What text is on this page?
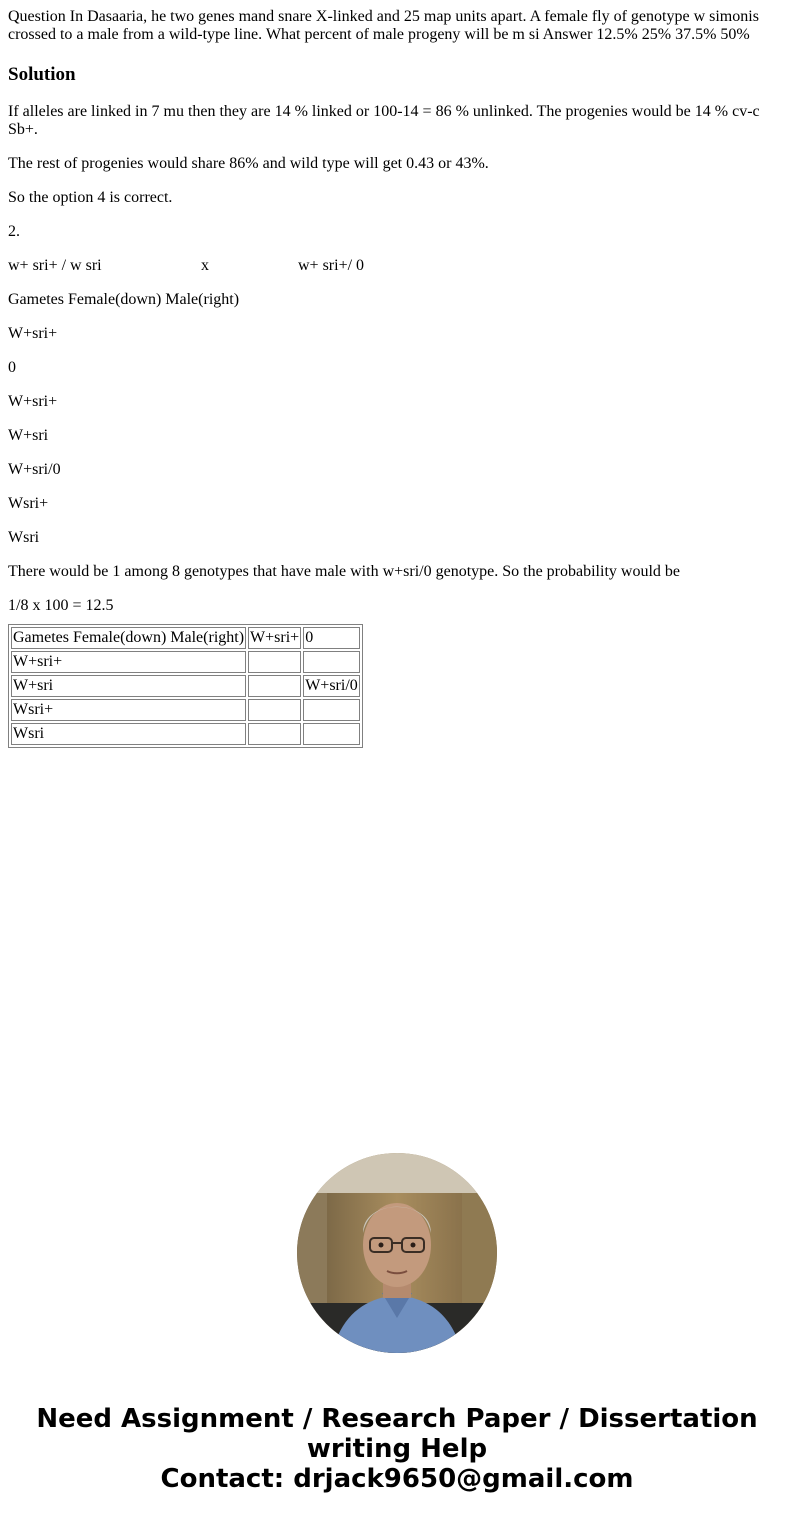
Question In Dasaaria, he two genes mand snare X-linked and 25 map units apart. A female fly of genotype w simonis crossed to a male from a wild-type line. What percent of male progeny will be m si Answer 12.5% 25% 37.5% 50%

Solution

If alleles are linked in 7 mu then they are 14 % linked or 100-14 = 86 % unlinked. The progenies would be 14 % cv-c Sb+.

The rest of progenies would share 86% and wild type will get 0.43 or 43%.

So the option 4 is correct.

2.

w+ sri+ / w sri	x	w+ sri+/ 0

Gametes Female(down) Male(right)

W+sri+

0

W+sri+

W+sri

W+sri/0

Wsri+

Wsri

There would be 1 among 8 genotypes that have male with w+sri/0 genotype. So the probability would be

1/8 x 100 = 12.5

Gametes Female(down) Male(right)	W+sri+	0
W+sri+		
W+sri		W+sri/0
Wsri+		
Wsri		
Need Assignment / Research Paper / Dissertation
writing Help
Contact: drjack9650@gmail.com
